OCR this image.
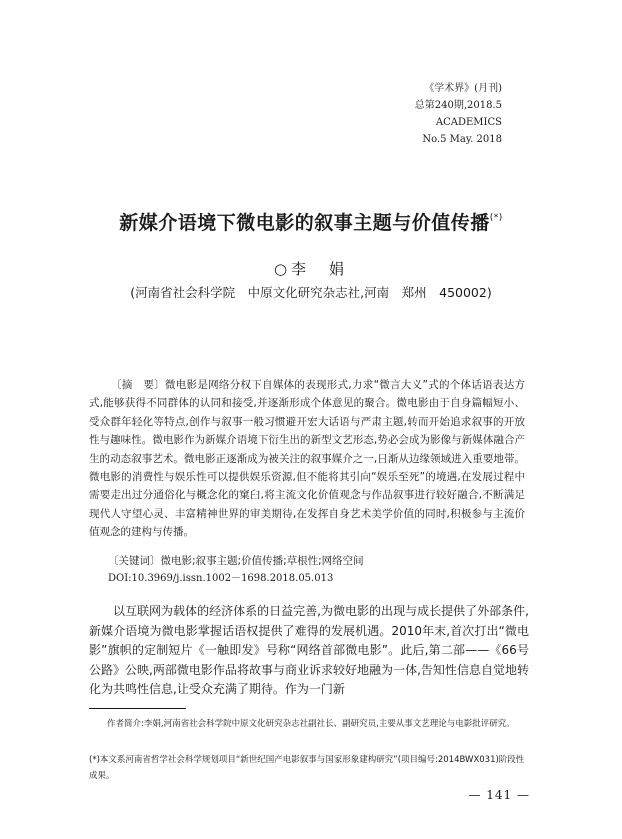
《学术界》(月刊)
总第240期,2018.5
ACADEMICS
No.5 May. 2018
新媒介语境下微电影的叙事主题与价值传播(*)
○李　娟
(河南省社会科学院　中原文化研究杂志社,河南　郑州　450002)
〔摘　要〕微电影是网络分权下自媒体的表现形式,力求“微言大义”式的个体话语表达方式,能够获得不同群体的认同和接受,并逐渐形成个体意见的聚合。微电影由于自身篇幅短小、受众群年轻化等特点,创作与叙事一般习惯避开宏大话语与严肃主题,转而开始追求叙事的开放性与趣味性。微电影作为新媒介语境下衍生出的新型文艺形态,势必会成为影像与新媒体融合产生的动态叙事艺术。微电影正逐渐成为被关注的叙事媒介之一,日渐从边缘领域进入重要地带。微电影的消费性与娱乐性可以提供娱乐资源,但不能将其引向“娱乐至死”的境遇,在发展过程中需要走出过分通俗化与概念化的窠臼,将主流文化价值观念与作品叙事进行较好融合,不断满足现代人守望心灵、丰富精神世界的审美期待,在发挥自身艺术美学价值的同时,积极参与主流价值观念的建构与传播。
〔关键词〕微电影;叙事主题;价值传播;草根性;网络空间
DOI:10.3969/j.issn.1002－1698.2018.05.013
以互联网为载体的经济体系的日益完善,为微电影的出现与成长提供了外部条件,新媒介语境为微电影掌握话语权提供了难得的发展机遇。2010年末,首次打出“微电影”旗帜的定制短片《一触即发》号称“网络首部微电影”。此后,第二部——《66号公路》公映,两部微电影作品将故事与商业诉求较好地融为一体,告知性信息自觉地转化为共鸣性信息,让受众充满了期待。作为一门新
作者简介:李娟,河南省社会科学院中原文化研究杂志社副社长、副研究员,主要从事文艺理论与电影批评研究。
(*)本文系河南省哲学社会科学规划项目“新世纪国产电影叙事与国家形象建构研究”(项目编号:2014BWX031)阶段性成果。
— 141 —
